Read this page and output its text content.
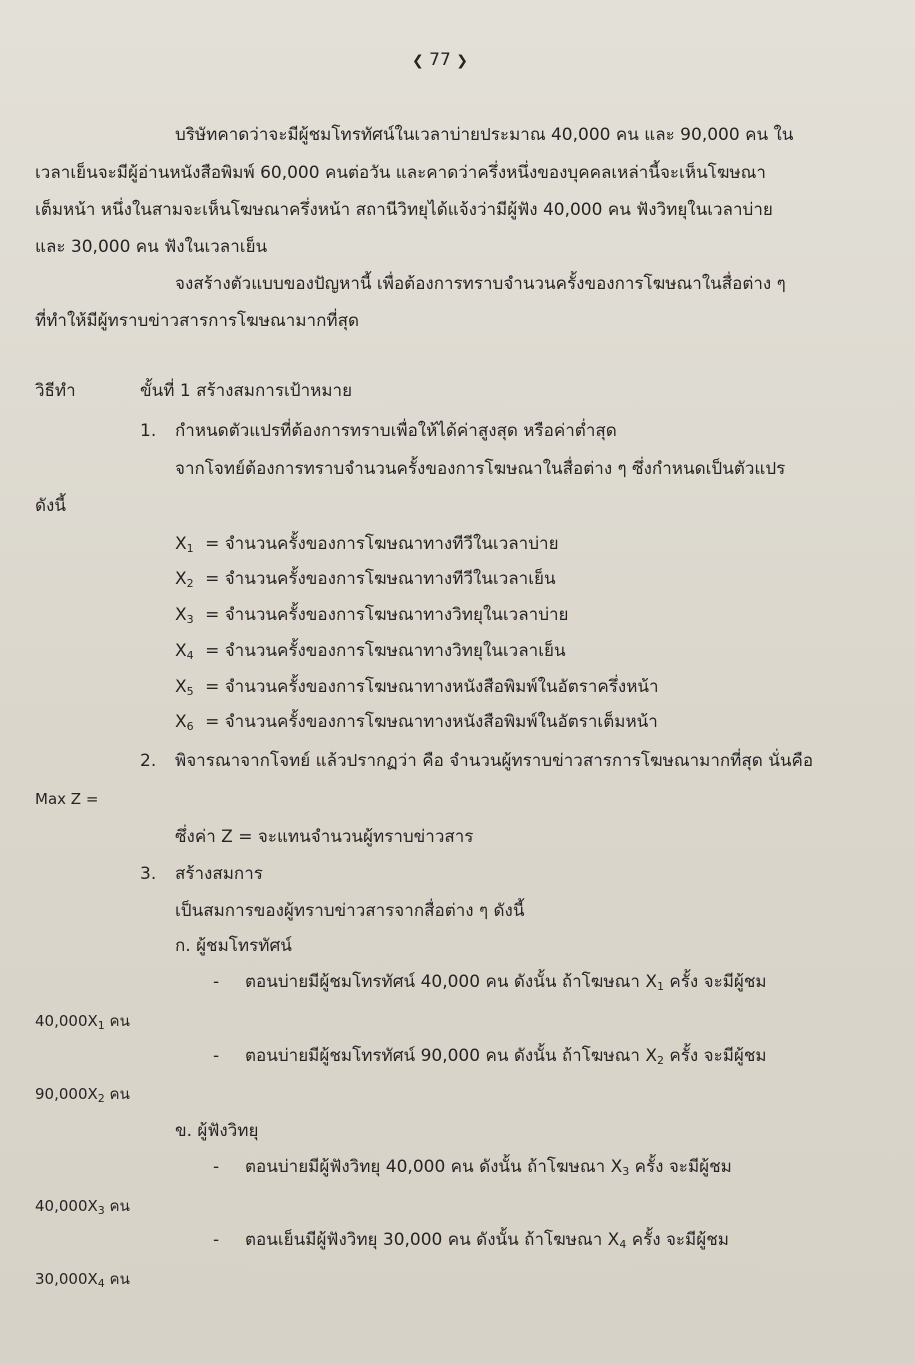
❮ 77 ❯
บริษัทคาดว่าจะมีผู้ชมโทรทัศน์ในเวลาบ่ายประมาณ 40,000 คน และ 90,000 คน ใน
เวลาเย็นจะมีผู้อ่านหนังสือพิมพ์ 60,000 คนต่อวัน และคาดว่าครึ่งหนึ่งของบุคคลเหล่านี้จะเห็นโฆษณา
เต็มหน้า หนึ่งในสามจะเห็นโฆษณาครึ่งหน้า สถานีวิทยุได้แจ้งว่ามีผู้ฟัง 40,000 คน ฟังวิทยุในเวลาบ่าย
และ 30,000 คน ฟังในเวลาเย็น
จงสร้างตัวแบบของปัญหานี้ เพื่อต้องการทราบจำนวนครั้งของการโฆษณาในสื่อต่าง ๆ
ที่ทำให้มีผู้ทราบข่าวสารการโฆษณามากที่สุด
วิธีทำ	ขั้นที่ 1 สร้างสมการเป้าหมาย
1. กำหนดตัวแปรที่ต้องการทราบเพื่อให้ได้ค่าสูงสุด หรือค่าต่ำสุด
จากโจทย์ต้องการทราบจำนวนครั้งของการโฆษณาในสื่อต่าง ๆ ซึ่งกำหนดเป็นตัวแปร
ดังนี้
$X_1$ = จำนวนครั้งของการโฆษณาทางทีวีในเวลาบ่าย
$X_2$ = จำนวนครั้งของการโฆษณาทางทีวีในเวลาเย็น
$X_3$ = จำนวนครั้งของการโฆษณาทางวิทยุในเวลาบ่าย
$X_4$ = จำนวนครั้งของการโฆษณาทางวิทยุในเวลาเย็น
$X_5$ = จำนวนครั้งของการโฆษณาทางหนังสือพิมพ์ในอัตราครึ่งหน้า
$X_6$ = จำนวนครั้งของการโฆษณาทางหนังสือพิมพ์ในอัตราเต็มหน้า
2. พิจารณาจากโจทย์ แล้วปรากฏว่า คือ จำนวนผู้ทราบข่าวสารการโฆษณามากที่สุด นั่นคือ
Max Z =
ซึ่งค่า Z = จะแทนจำนวนผู้ทราบข่าวสาร
3. สร้างสมการ
เป็นสมการของผู้ทราบข่าวสารจากสื่อต่าง ๆ ดังนี้
ก. ผู้ชมโทรทัศน์
- ตอนบ่ายมีผู้ชมโทรทัศน์ 40,000 คน ดังนั้น ถ้าโฆษณา $X_1$ ครั้ง จะมีผู้ชม
$40,000X_1$ คน
- ตอนบ่ายมีผู้ชมโทรทัศน์ 90,000 คน ดังนั้น ถ้าโฆษณา $X_2$ ครั้ง จะมีผู้ชม
$90,000X_2$ คน
ข. ผู้ฟังวิทยุ
- ตอนบ่ายมีผู้ฟังวิทยุ 40,000 คน ดังนั้น ถ้าโฆษณา $X_3$ ครั้ง จะมีผู้ชม
$40,000X_3$ คน
- ตอนเย็นมีผู้ฟังวิทยุ 30,000 คน ดังนั้น ถ้าโฆษณา $X_4$ ครั้ง จะมีผู้ชม
$30,000X_4$ คน
